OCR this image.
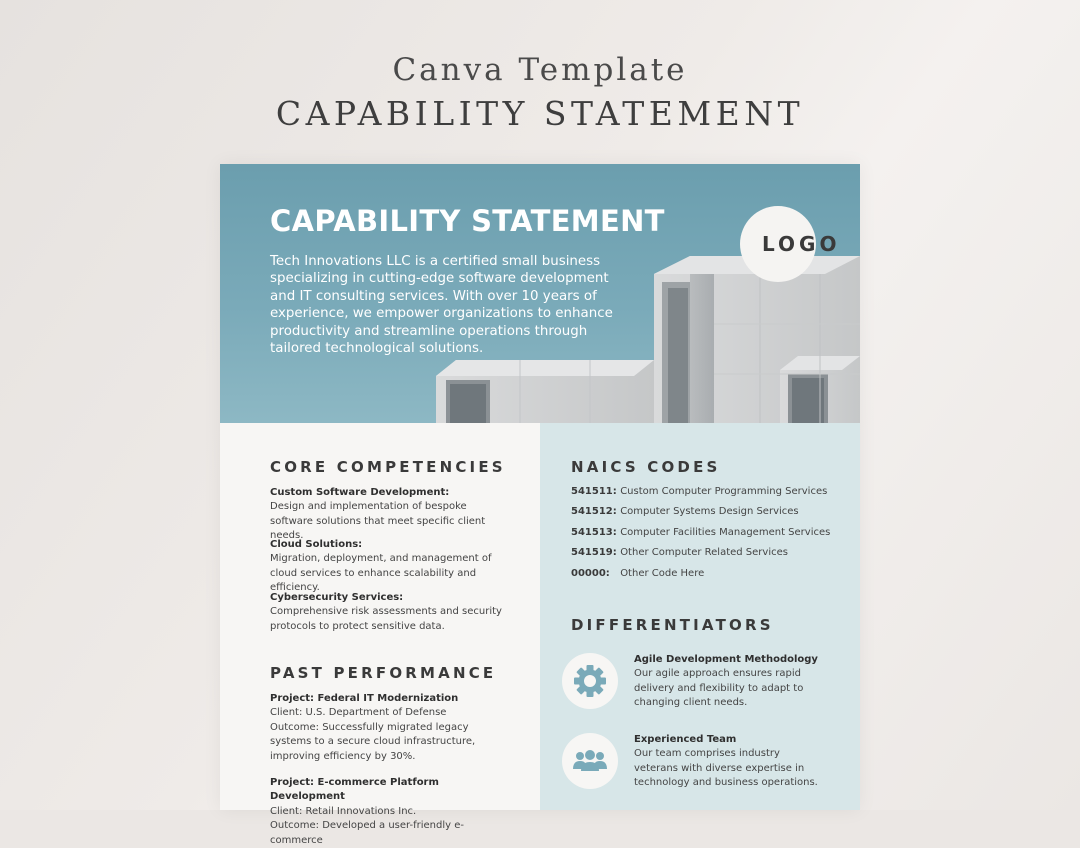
Canva Template
CAPABILITY STATEMENT
CAPABILITY STATEMENT
Tech Innovations LLC is a certified small business specializing in cutting-edge software development and IT consulting services. With over 10 years of experience, we empower organizations to enhance productivity and streamline operations through tailored technological solutions.
LOGO
CORE COMPETENCIES
Custom Software Development:
Design and implementation of bespoke software solutions that meet specific client needs.
Cloud Solutions:
Migration, deployment, and management of cloud services to enhance scalability and efficiency.
Cybersecurity Services:
Comprehensive risk assessments and security protocols to protect sensitive data.
PAST PERFORMANCE
Project: Federal IT Modernization
Client: U.S. Department of Defense
Outcome: Successfully migrated legacy systems to a secure cloud infrastructure, improving efficiency by 30%.
Project: E-commerce Platform Development
Client: Retail Innovations Inc.
Outcome: Developed a user-friendly e-commerce
NAICS CODES
541511: Custom Computer Programming Services
541512: Computer Systems Design Services
541513: Computer Facilities Management Services
541519: Other Computer Related Services
00000: Other Code Here
DIFFERENTIATORS
Agile Development Methodology
Our agile approach ensures rapid delivery and flexibility to adapt to changing client needs.
Experienced Team
Our team comprises industry veterans with diverse expertise in technology and business operations.
